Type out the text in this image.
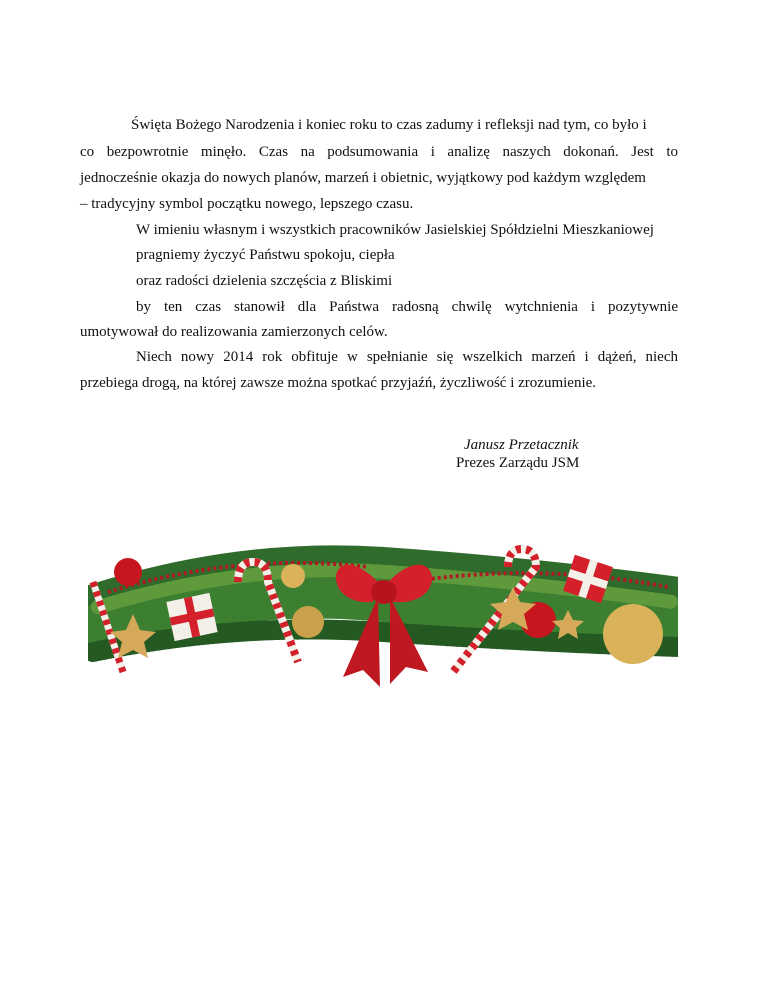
Święta Bożego Narodzenia i koniec roku to czas zadumy i refleksji nad tym, co było i
co bezpowrotnie minęło. Czas na podsumowania i analizę naszych dokonań. Jest to
jednocześnie okazja do nowych planów, marzeń i obietnic, wyjątkowy pod każdym względem
– tradycyjny symbol początku nowego, lepszego czasu.
W imieniu własnym i wszystkich pracowników Jasielskiej Spółdzielni Mieszkaniowej
pragniemy życzyć Państwu spokoju, ciepła
oraz radości dzielenia szczęścia z Bliskimi
by ten czas stanowił dla Państwa radosną chwilę wytchnienia i pozytywnie
umotywował do realizowania zamierzonych celów.
Niech nowy 2014 rok obfituje w spełnianie się wszelkich marzeń i dążeń, niech
przebiega drogą, na której zawsze można spotkać przyjaźń, życzliwość i zrozumienie.
Janusz Przetacznik
Prezes Zarządu JSM
